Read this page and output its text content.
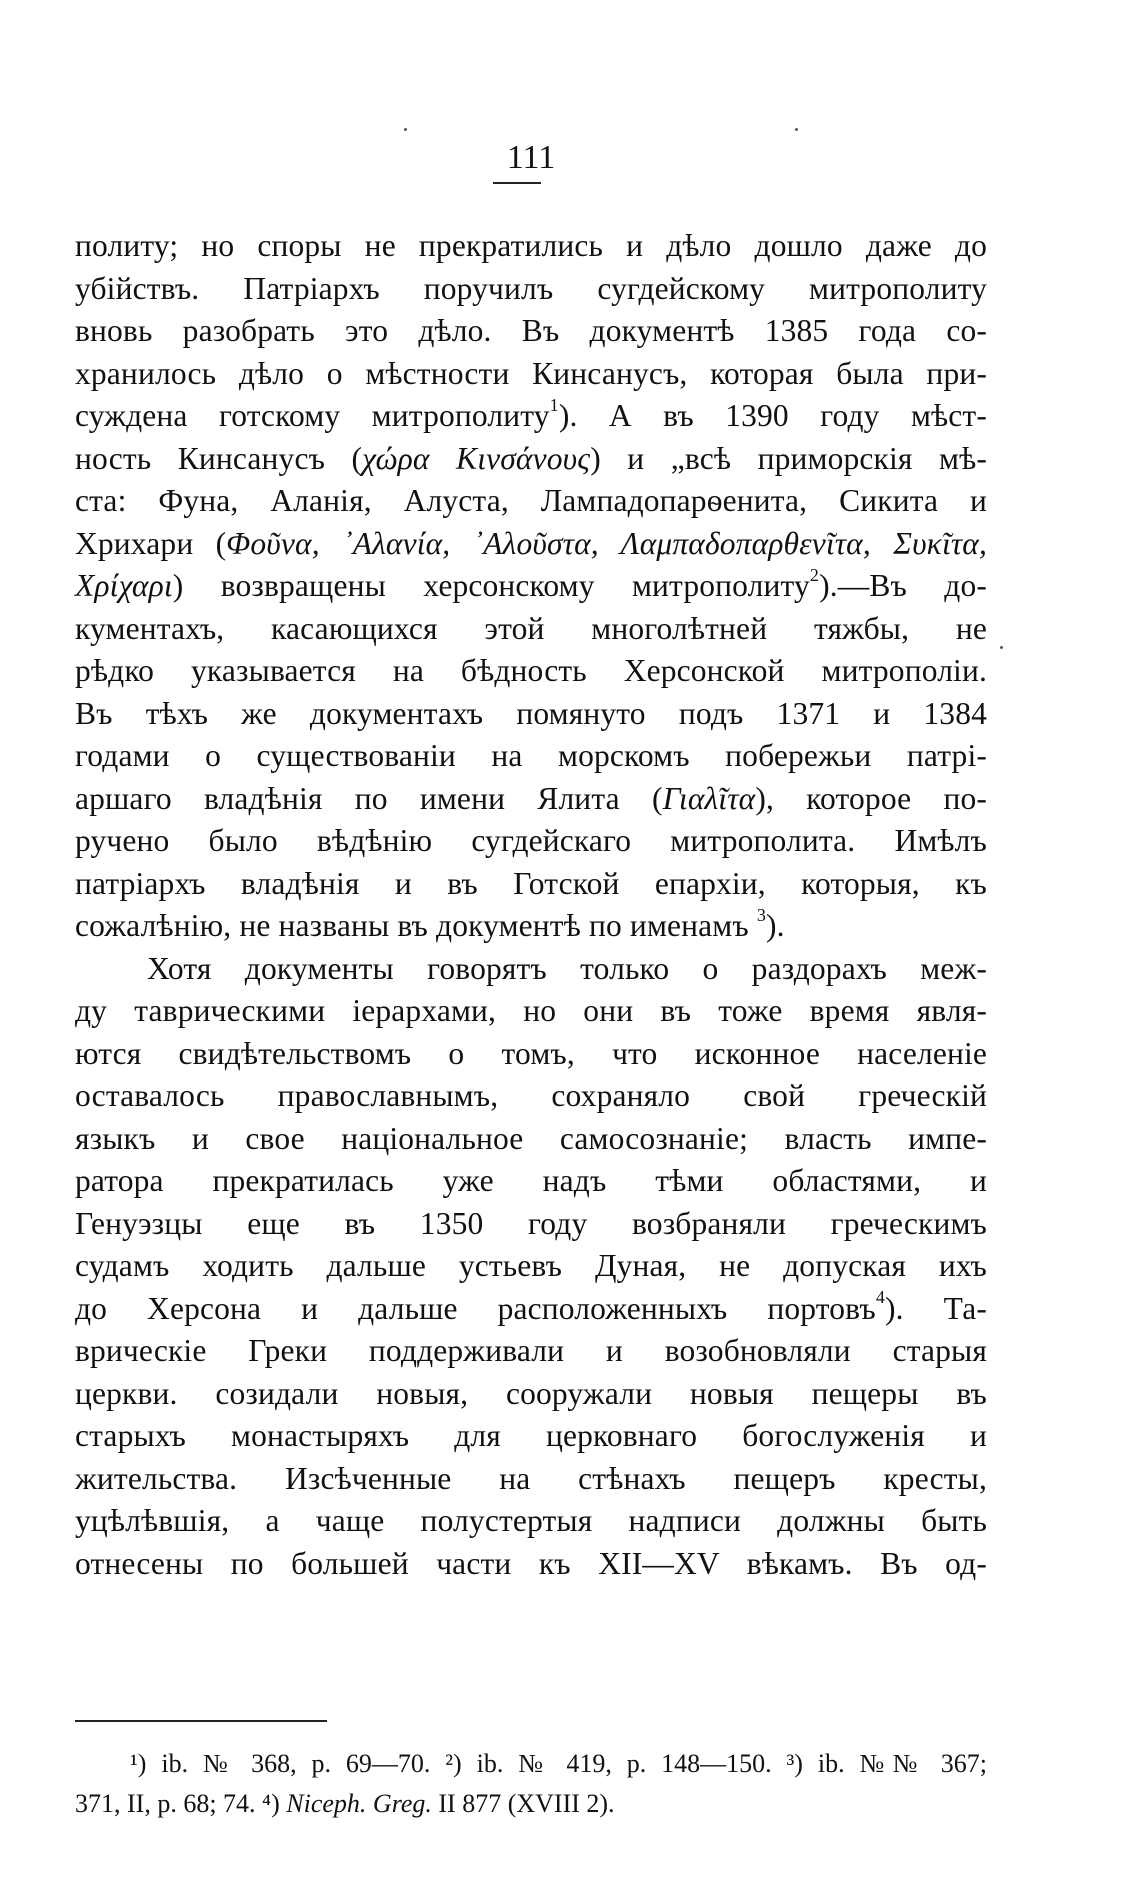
111
политу; но споры не прекратились и дѣло дошло даже до
убійствъ. Патріархъ поручилъ сугдейскому митрополиту
вновь разобрать это дѣло. Въ документѣ 1385 года со-
хранилось дѣло о мѣстности Кинсанусъ, которая была при-
суждена готскому митрополиту$^1$). А въ 1390 году мѣст-
ность Кинсанусъ (χώρα Κινσάνους) и „всѣ приморскія мѣ-
ста: Фуна, Аланія, Алуста, Лампадопарѳенита, Сикита и
Хрихари (Φοῦνα, ᾽Αλανία, ᾽Αλοῦστα, Λαμπαδοπαρθενῖτα, Συκῖτα,
Χρίχαρι) возвращены херсонскому митрополиту$^2$).—Въ до-
кументахъ, касающихся этой многолѣтней тяжбы, не
рѣдко указывается на бѣдность Херсонской митрополіи.
Въ тѣхъ же документахъ помянуто подъ 1371 и 1384
годами о существованіи на морскомъ побережьи патрі-
аршаго владѣнія по имени Ялита (Γιαλῖτα), которое по-
ручено было вѣдѣнію сугдейскаго митрополита. Имѣлъ
патріархъ владѣнія и въ Готской епархіи, которыя, къ
сожалѣнію, не названы въ документѣ по именамъ $^3$).
Хотя документы говорятъ только о раздорахъ меж-
ду таврическими іерархами, но они въ тоже время явля-
ются свидѣтельствомъ о томъ, что исконное населеніе
оставалось православнымъ, сохраняло свой греческій
языкъ и свое національное самосознаніе; власть импе-
ратора прекратилась уже надъ тѣми областями, и
Генуэзцы еще въ 1350 году возбраняли греческимъ
судамъ ходить дальше устьевъ Дуная, не допуская ихъ
до Херсона и дальше расположенныхъ портовъ$^4$). Та-
врическіе Греки поддерживали и возобновляли старыя
церкви. созидали новыя, сооружали новыя пещеры въ
старыхъ монастыряхъ для церковнаго богослуженія и
жительства. Изсѣченные на стѣнахъ пещеръ кресты,
уцѣлѣвшія, а чаще полустертыя надписи должны быть
отнесены по большей части къ XII—XV вѣкамъ. Въ од-
¹) ib. № 368, p. 69—70. ²) ib. № 419, p. 148—150. ³) ib. №№ 367;
371, II, p. 68; 74. ⁴) Niceph. Greg. II 877 (XVIII 2).
